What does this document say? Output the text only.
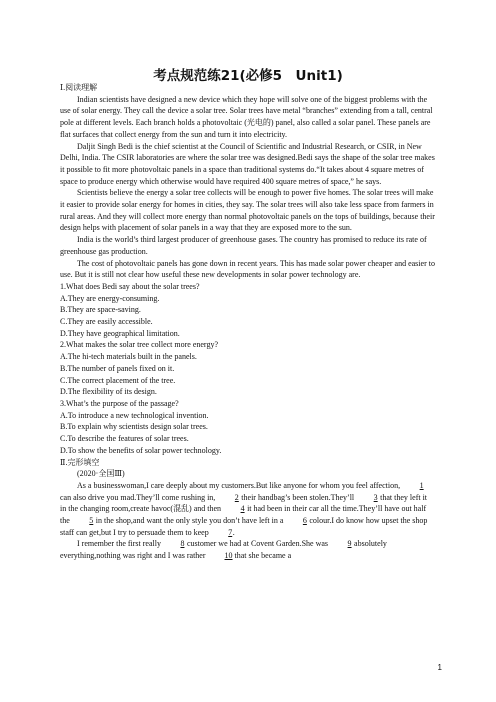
考点规范练21(必修5　Unit1)

Ⅰ.阅读理解

Indian scientists have designed a new device which they hope will solve one of the biggest problems with the use of solar energy. They call the device a solar tree. Solar trees have metal “branches” extending from a tall, central pole at different levels. Each branch holds a photovoltaic (光电的) panel, also called a solar panel. These panels are flat surfaces that collect energy from the sun and turn it into electricity.

Daljit Singh Bedi is the chief scientist at the Council of Scientific and Industrial Research, or CSIR, in New Delhi, India. The CSIR laboratories are where the solar tree was designed.Bedi says the shape of the solar tree makes it possible to fit more photovoltaic panels in a space than traditional systems do.“It takes about 4 square metres of space to produce energy which otherwise would have required 400 square metres of space,” he says.

Scientists believe the energy a solar tree collects will be enough to power five homes. The solar trees will make it easier to provide solar energy for homes in cities, they say. The solar trees will also take less space from farmers in rural areas. And they will collect more energy than normal photovoltaic panels on the tops of buildings, because their design helps with placement of solar panels in a way that they are exposed more to the sun.

India is the world’s third largest producer of greenhouse gases. The country has promised to reduce its rate of greenhouse gas production.

The cost of photovoltaic panels has gone down in recent years. This has made solar power cheaper and easier to use. But it is still not clear how useful these new developments in solar power technology are.

1.What does Bedi say about the solar trees?

A.They are energy-consuming.

B.They are space-saving.

C.They are easily accessible.

D.They have geographical limitation.

2.What makes the solar tree collect more energy?

A.The hi-tech materials built in the panels.

B.The number of panels fixed on it.

C.The correct placement of the tree.

D.The flexibility of its design.

3.What’s the purpose of the passage?

A.To introduce a new technological invention.

B.To explain why scientists design solar trees.

C.To describe the features of solar trees.

D.To show the benefits of solar power technology.

Ⅱ.完形填空

(2020·全国Ⅲ)

As a businesswoman,I care deeply about my customers.But like anyone for whom you feel affection, 1 can also drive you mad.They’ll come rushing in, 2 their handbag’s been stolen.They’ll 3 that they left it in the changing room,create havoc(混乱) and then 4 it had been in their car all the time.They’ll have out half the 5 in the shop,and want the only style you don’t have left in a 6 colour.I do know how upset the shop staff can get,but I try to persuade them to keep 7.

I remember the first really 8 customer we had at Covent Garden.She was 9 absolutely everything,nothing was right and I was rather 10 that she became a

1
